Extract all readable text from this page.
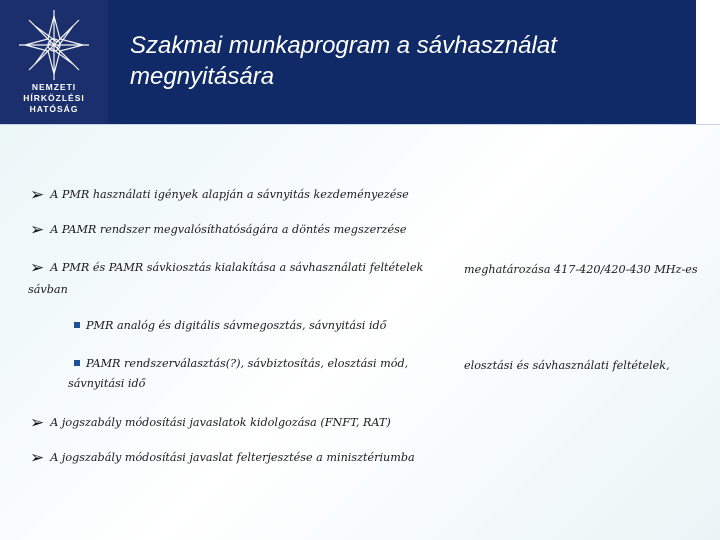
NEMZETI
HÍRKÖZLÉSI
HATÓSÁG
Szakmai munkaprogram a sávhasználat megnyitására
➢ A PMR használati igények alapján a sávnyitás kezdeményezése
➢ A PAMR rendszer megvalósíthatóságára a döntés megszerzése
➢ A PMR és PAMR sávkiosztás kialakítása a sávhasználati feltételek	meghatározása 417-420/420-430 MHz-es
sávban
PMR analóg és digitális sávmegosztás, sávnyitási idő
PAMR rendszerválasztás(?), sávbiztosítás, elosztási mód,	elosztási és sávhasználati feltételek,
sávnyitási idő
➢ A jogszabály módosítási javaslatok kidolgozása (FNFT, RAT)
➢ A jogszabály módosítási javaslat felterjesztése a minisztériumba
